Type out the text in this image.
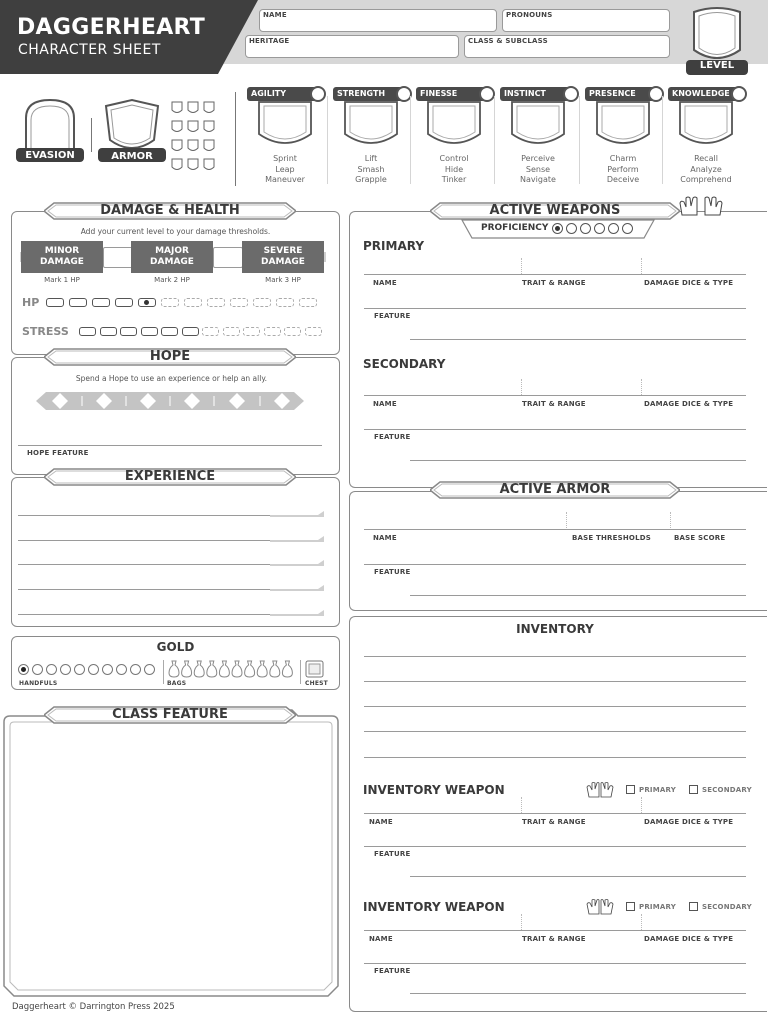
DAGGERHEART
CHARACTER SHEET
NAME	PRONOUNS
HERITAGE	CLASS & SUBCLASS
LEVEL
EVASION	ARMOR
DAMAGE & HEALTH
Add your current level to your damage thresholds.
MINOR
DAMAGE
MAJOR
DAMAGE
SEVERE
DAMAGE
Mark 1 HP	Mark 2 HP	Mark 3 HP
HP
STRESS
HOPE
Spend a Hope to use an experience or help an ally.
HOPE FEATURE
EXPERIENCE
GOLD
HANDFULS	BAGS	CHEST
CLASS FEATURE
ACTIVE WEAPONS
PROFICIENCY
PRIMARY
SECONDARY
ACTIVE ARMOR
NAME	BASE THRESHOLDS	BASE SCORE
FEATURE
INVENTORY
Daggerheart © Darrington Press 2025
AGILITY
Sprint
Leap
Maneuver
STRENGTH
Lift
Smash
Grapple
FINESSE
Control
Hide
Tinker
INSTINCT
Perceive
Sense
Navigate
PRESENCE
Charm
Perform
Deceive
KNOWLEDGE
Recall
Analyze
Comprehend
NAME	TRAIT & RANGE	DAMAGE DICE & TYPE
FEATURE
NAME	TRAIT & RANGE	DAMAGE DICE & TYPE
FEATURE
INVENTORY WEAPON	PRIMARY	SECONDARY
NAME	TRAIT & RANGE	DAMAGE DICE & TYPE
FEATURE
INVENTORY WEAPON	PRIMARY	SECONDARY
NAME	TRAIT & RANGE	DAMAGE DICE & TYPE
FEATURE
